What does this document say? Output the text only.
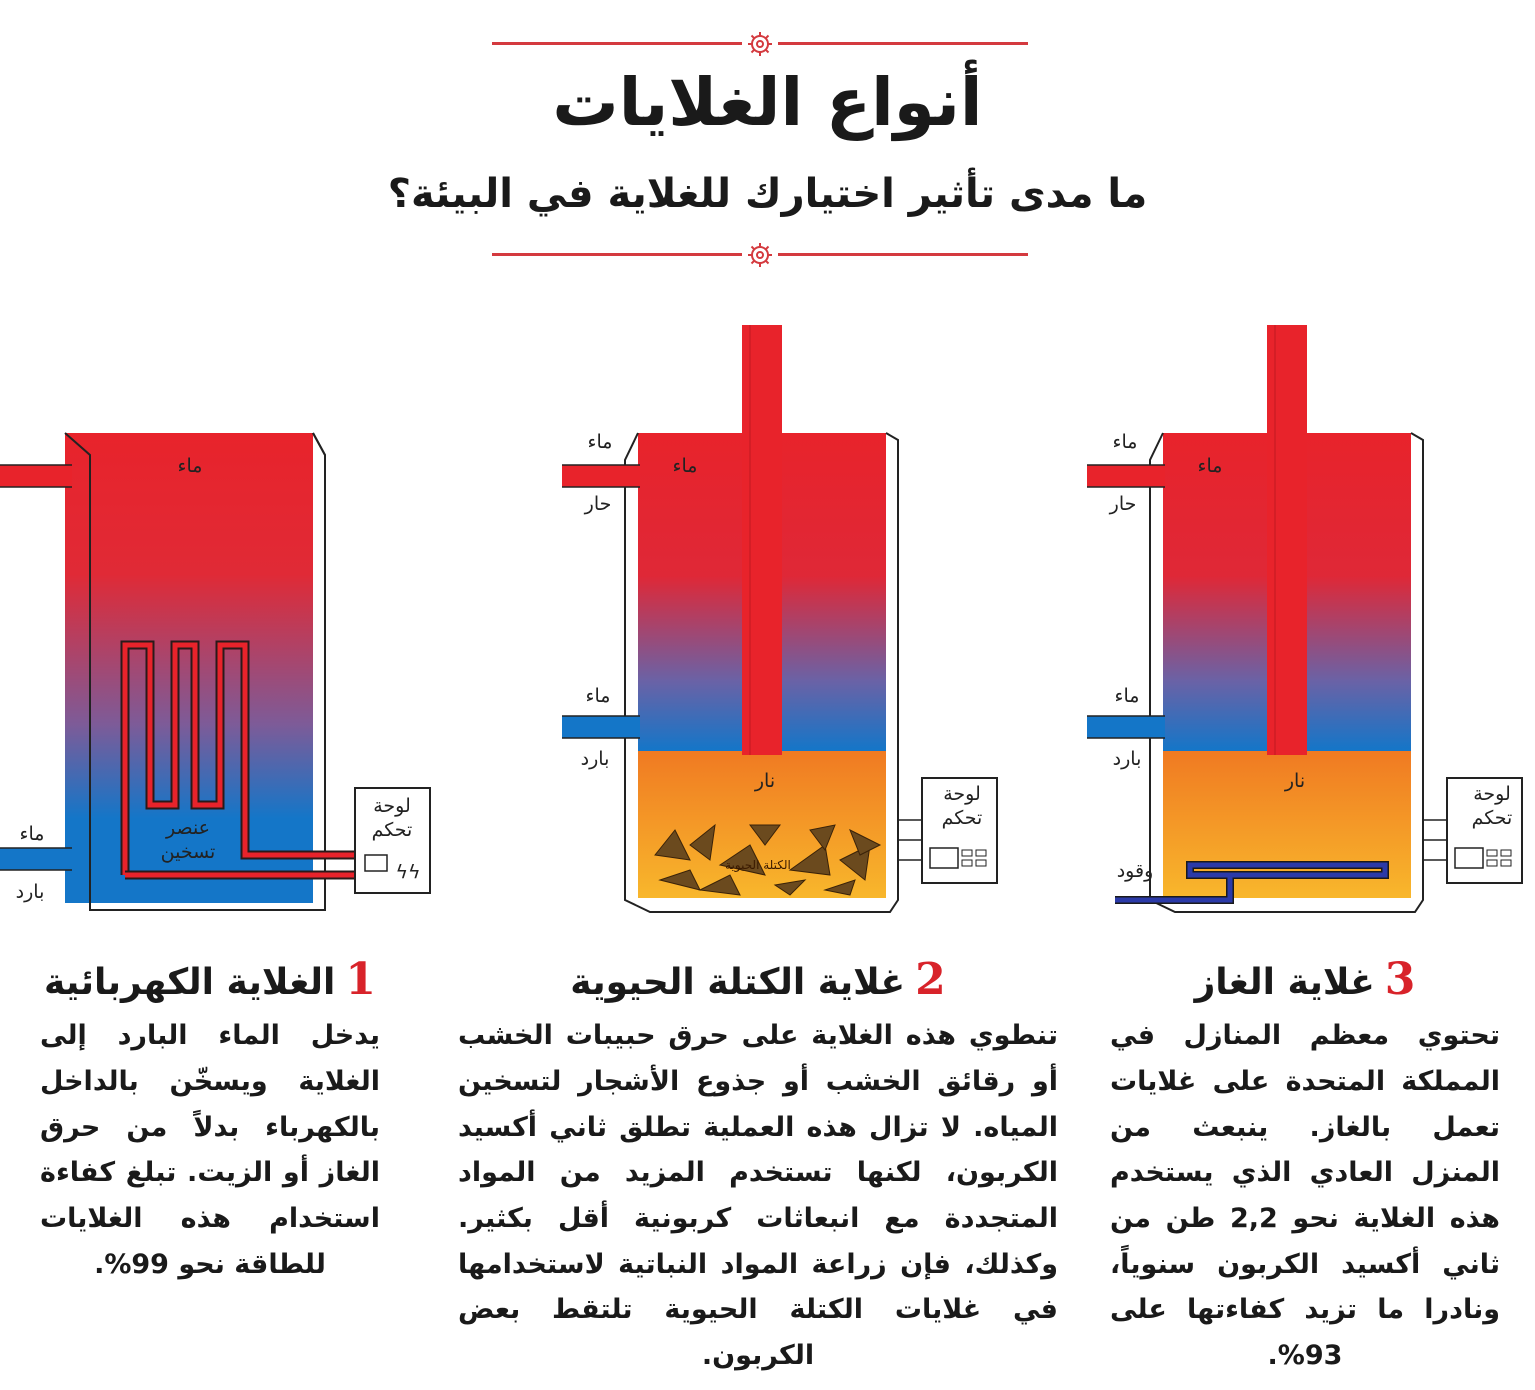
أنواع الغلايات
ما مدى تأثير اختيارك للغلاية في البيئة؟
ϟϟ
ماء
ماء
بارد
عنصر
تسخين
لوحة
تحكم
ماء
ماء
حار
ماء
بارد
نار
الكتلة الحيوية
لوحة
تحكم
ماء
ماء
حار
ماء
بارد
نار
وقود
لوحة
تحكم
1الغلاية الكهربائية

يدخل الماء البارد إلى الغلاية ويسخّن بالداخل بالكهرباء بدلاً من حرق الغاز أو الزيت. تبلغ كفاءة استخدام هذه الغلايات للطاقة نحو 99%.

2غلاية الكتلة الحيوية

تنطوي هذه الغلاية على حرق حبيبات الخشب أو رقائق الخشب أو جذوع الأشجار لتسخين المياه. لا تزال هذه العملية تطلق ثاني أكسيد الكربون، لكنها تستخدم المزيد من المواد المتجددة مع انبعاثات كربونية أقل بكثير. وكذلك، فإن زراعة المواد النباتية لاستخدامها في غلايات الكتلة الحيوية تلتقط بعض الكربون.

3غلاية الغاز

تحتوي معظم المنازل في المملكة المتحدة على غلايات تعمل بالغاز. ينبعث من المنزل العادي الذي يستخدم هذه الغلاية نحو 2,2 طن من ثاني أكسيد الكربون سنوياً، ونادرا ما تزيد كفاءتها على 93%.
